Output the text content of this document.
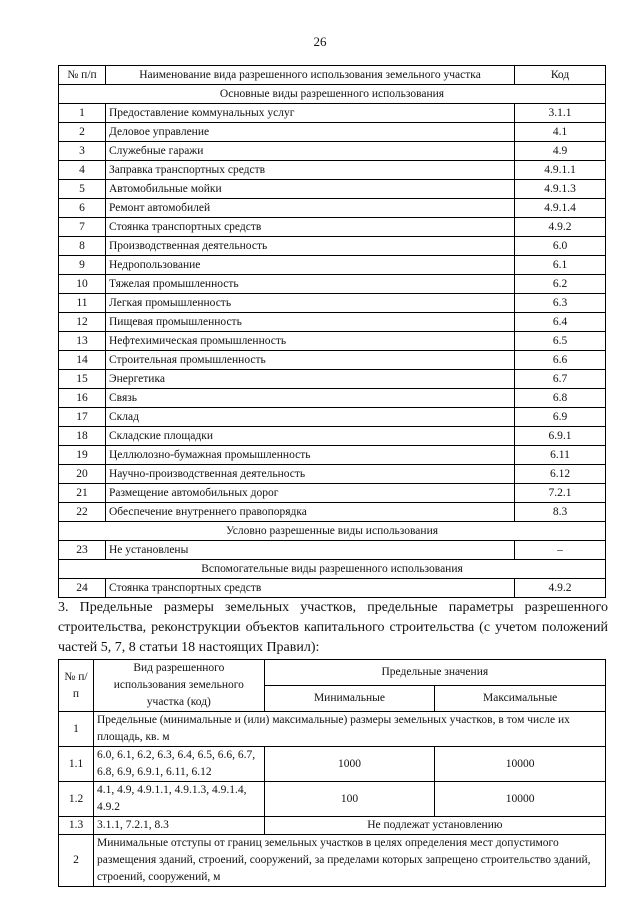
26
№ п/п	Наименование вида разрешенного использования земельного участка	Код
Основные виды разрешенного использования		
1	Предоставление коммунальных услуг	3.1.1
2	Деловое управление	4.1
3	Служебные гаражи	4.9
4	Заправка транспортных средств	4.9.1.1
5	Автомобильные мойки	4.9.1.3
6	Ремонт автомобилей	4.9.1.4
7	Стоянка транспортных средств	4.9.2
8	Производственная деятельность	6.0
9	Недропользование	6.1
10	Тяжелая промышленность	6.2
11	Легкая промышленность	6.3
12	Пищевая промышленность	6.4
13	Нефтехимическая промышленность	6.5
14	Строительная промышленность	6.6
15	Энергетика	6.7
16	Связь	6.8
17	Склад	6.9
18	Складские площадки	6.9.1
19	Целлюлозно-бумажная промышленность	6.11
20	Научно-производственная деятельность	6.12
21	Размещение автомобильных дорог	7.2.1
22	Обеспечение внутреннего правопорядка	8.3
Условно разрешенные виды использования		
23	Не установлены	–
Вспомогательные виды разрешенного использования		
24	Стоянка транспортных средств	4.9.2
3. Предельные размеры земельных участков, предельные параметры разрешенного строительства, реконструкции объектов капитального строительства (с учетом положений частей 5, 7, 8 статьи 18 настоящих Правил):
№ п/п	Вид разрешенного использования земельного участка (код)	Предельные значения	
		Минимальные	Максимальные
1	Предельные (минимальные и (или) максимальные) размеры земельных участков, в том числе их площадь, кв. м		
1.1	6.0, 6.1, 6.2, 6.3, 6.4, 6.5, 6.6, 6.7, 6.8, 6.9, 6.9.1, 6.11, 6.12	1000	10000
1.2	4.1, 4.9, 4.9.1.1, 4.9.1.3, 4.9.1.4, 4.9.2	100	10000
1.3	3.1.1, 7.2.1, 8.3	Не подлежат установлению	
2	Минимальные отступы от границ земельных участков в целях определения мест допустимого размещения зданий, строений, сооружений, за пределами которых запрещено строительство зданий, строений, сооружений, м		
